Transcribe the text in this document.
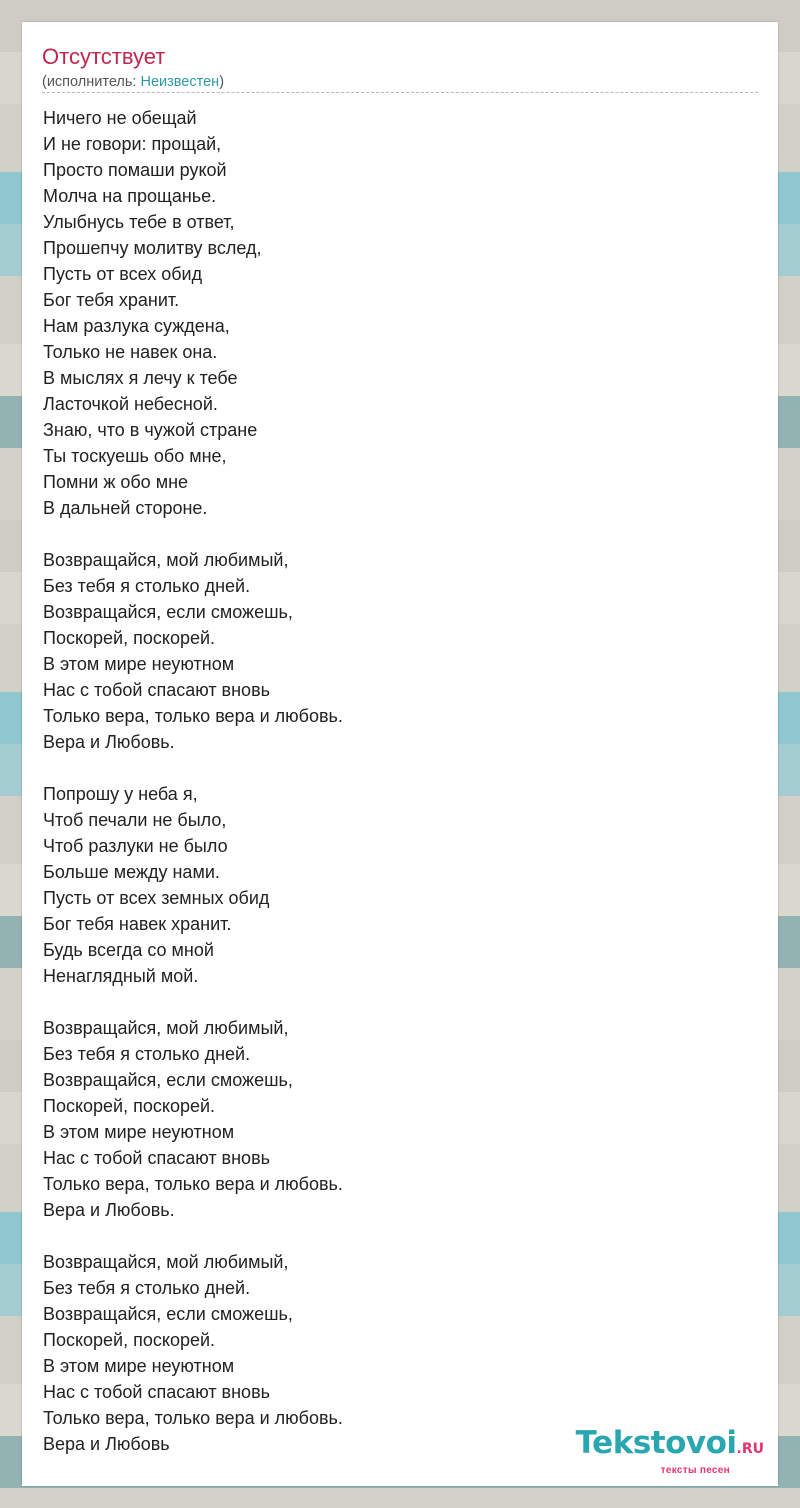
Отсутствует
(исполнитель: Неизвестен)
Ничего не обещай
И не говори: прощай,
Просто помаши рукой
Молча на прощанье.
Улыбнусь тебе в ответ,
Прошепчу молитву вслед,
Пусть от всех обид
Бог тебя хранит.
Нам разлука суждена,
Только не навек она.
В мыслях я лечу к тебе
Ласточкой небесной.
Знаю, что в чужой стране
Ты тоскуешь обо мне,
Помни ж обо мне
В дальней стороне.
Возвращайся, мой любимый,
Без тебя я столько дней.
Возвращайся, если сможешь,
Поскорей, поскорей.
В этом мире неуютном
Нас с тобой спасают вновь
Только вера, только вера и любовь.
Вера и Любовь.
Попрошу у неба я,
Чтоб печали не было,
Чтоб разлуки не было
Больше между нами.
Пусть от всех земных обид
Бог тебя навек хранит.
Будь всегда со мной
Ненаглядный мой.
Возвращайся, мой любимый,
Без тебя я столько дней.
Возвращайся, если сможешь,
Поскорей, поскорей.
В этом мире неуютном
Нас с тобой спасают вновь
Только вера, только вера и любовь.
Вера и Любовь.
Возвращайся, мой любимый,
Без тебя я столько дней.
Возвращайся, если сможешь,
Поскорей, поскорей.
В этом мире неуютном
Нас с тобой спасают вновь
Только вера, только вера и любовь.
Вера и Любовь	Tekstovoi.RU
тексты песен
